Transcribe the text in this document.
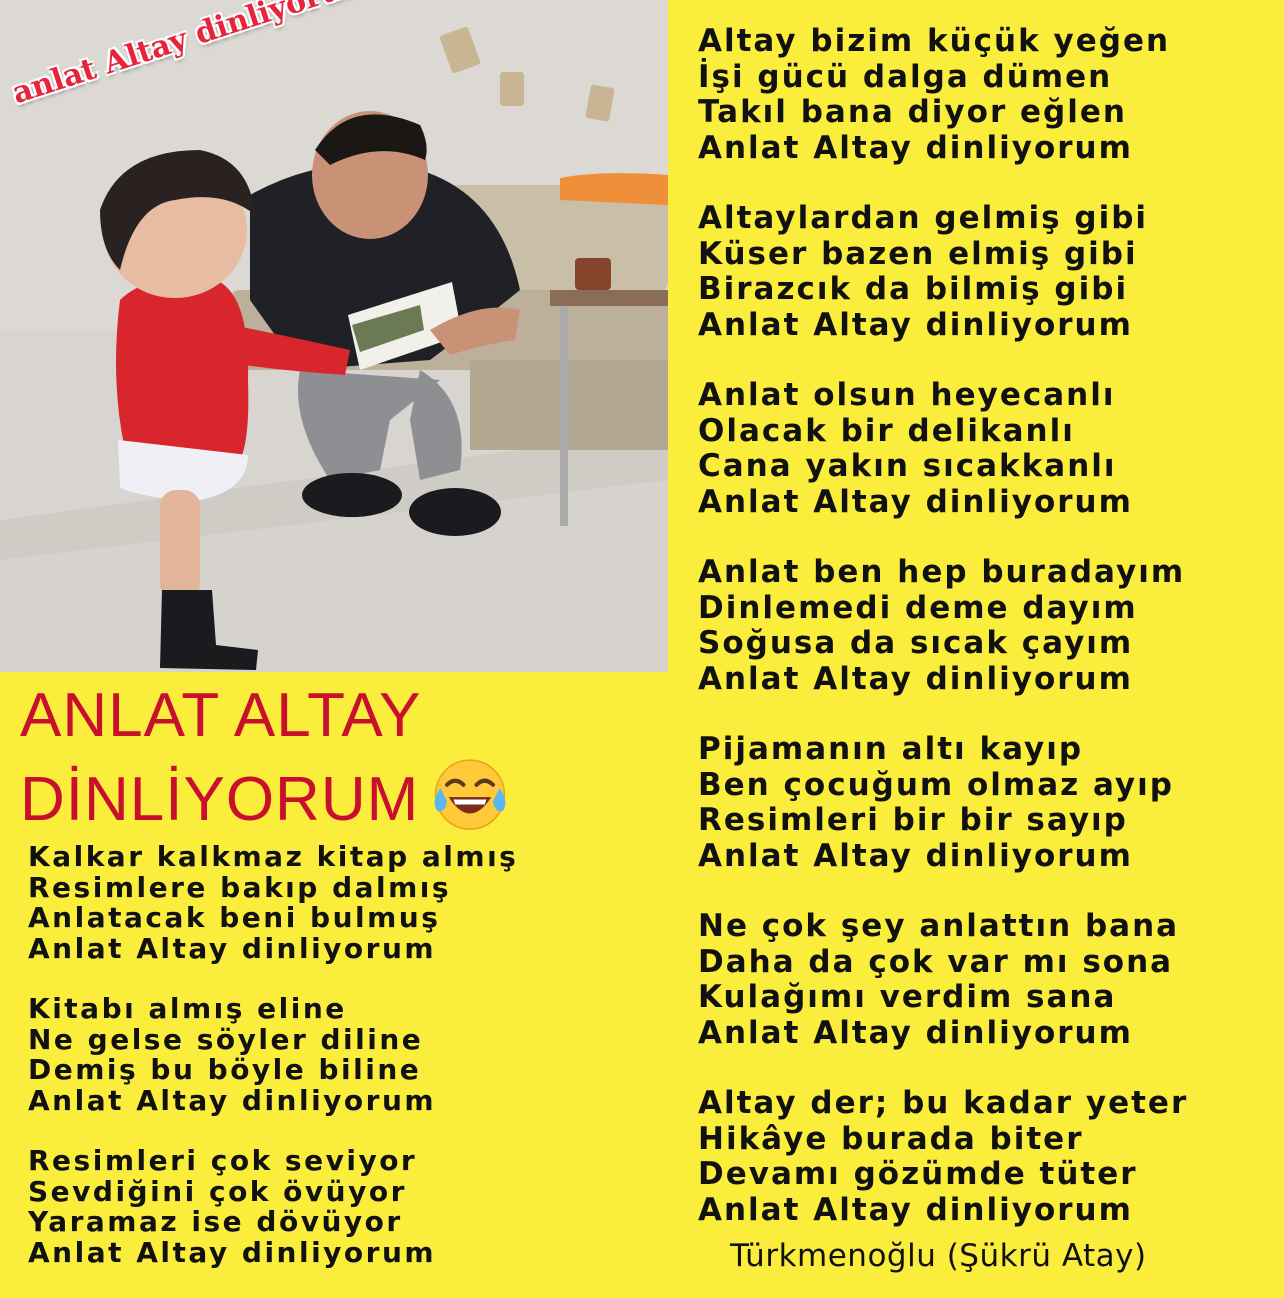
ANLAT ALTAY
DİNLİYORUM
Kalkar kalkmaz kitap almış
Resimlere bakıp dalmış
Anlatacak beni bulmuş
Anlat Altay dinliyorum
Kitabı almış eline
Ne gelse söyler diline
Demiş bu böyle biline
Anlat Altay dinliyorum
Resimleri çok seviyor
Sevdiğini çok övüyor
Yaramaz ise dövüyor
Anlat Altay dinliyorum
Altay bizim küçük yeğen
İşi gücü dalga dümen
Takıl bana diyor eğlen
Anlat Altay dinliyorum
Altaylardan gelmiş gibi
Küser bazen elmiş gibi
Birazcık da bilmiş gibi
Anlat Altay dinliyorum
Anlat olsun heyecanlı
Olacak bir delikanlı
Cana yakın sıcakkanlı
Anlat Altay dinliyorum
Anlat ben hep buradayım
Dinlemedi deme dayım
Soğusa da sıcak çayım
Anlat Altay dinliyorum
Pijamanın altı kayıp
Ben çocuğum olmaz ayıp
Resimleri bir bir sayıp
Anlat Altay dinliyorum
Ne çok şey anlattın bana
Daha da çok var mı sona
Kulağımı verdim sana
Anlat Altay dinliyorum
Altay der; bu kadar yeter
Hikâye burada biter
Devamı gözümde tüter
Anlat Altay dinliyorum
Türkmenoğlu (Şükrü Atay)
